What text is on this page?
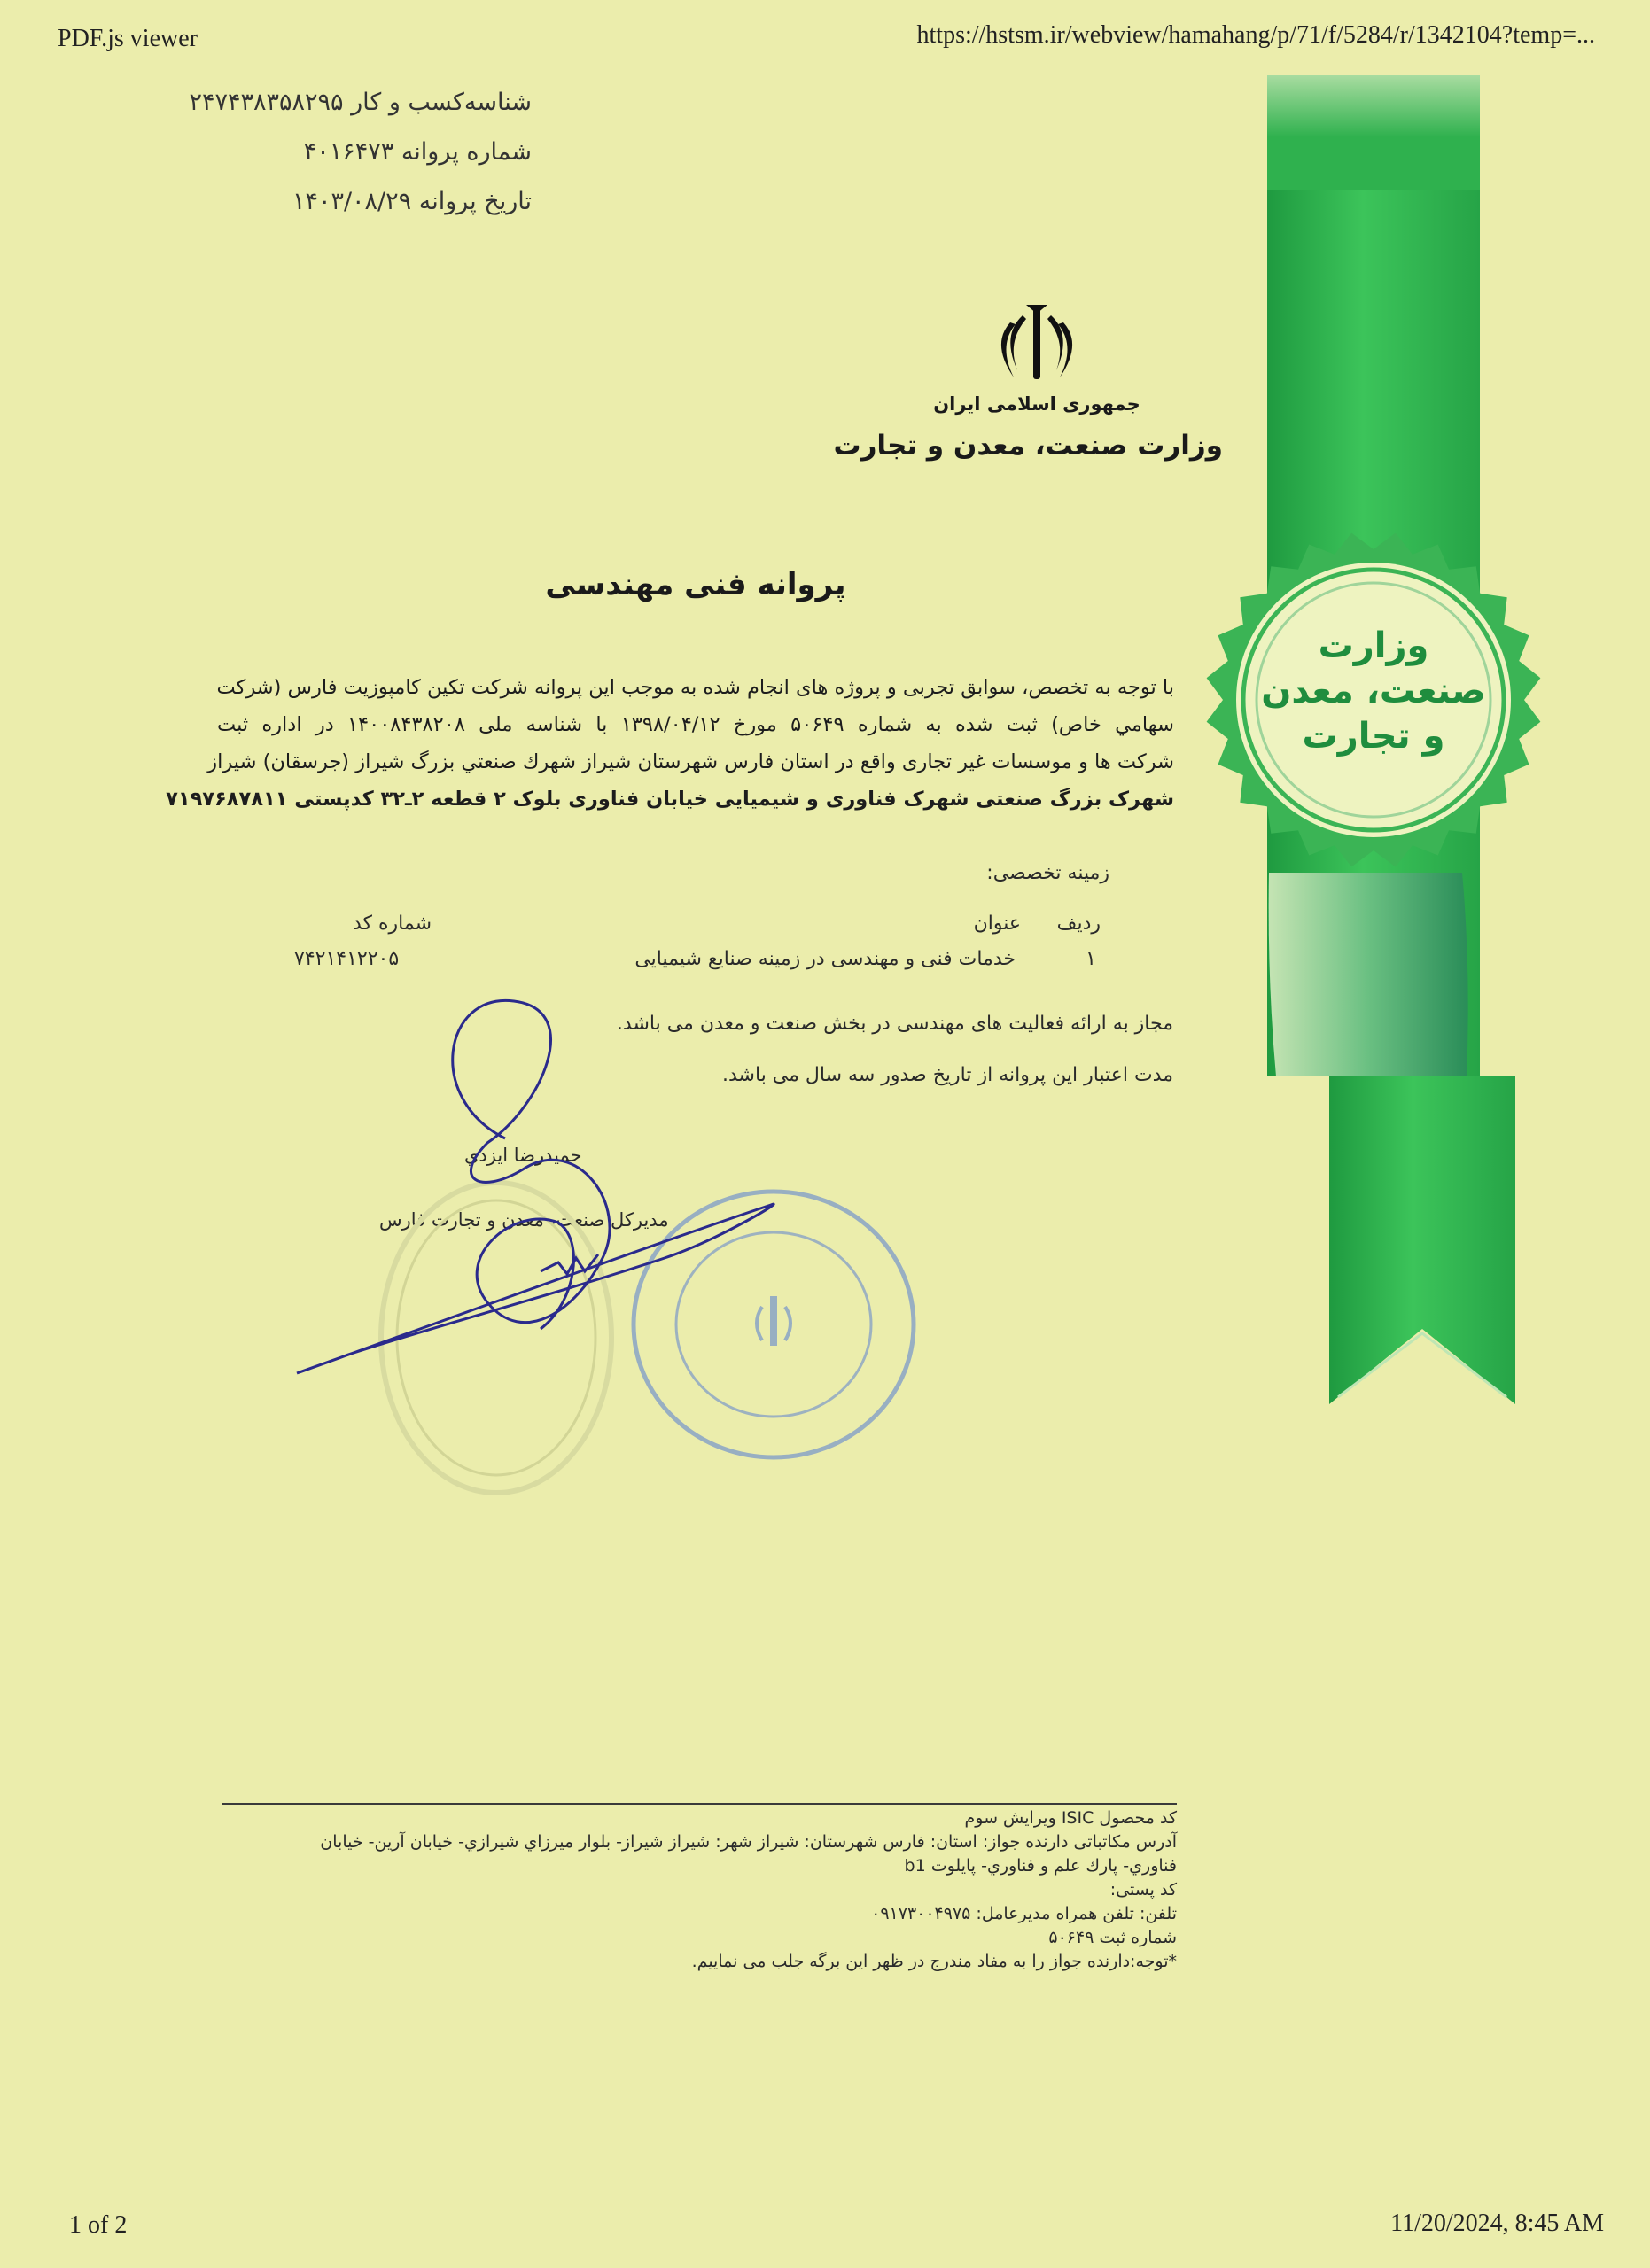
PDF.js viewer	https://hstsm.ir/webview/hamahang/p/71/f/5284/r/1342104?temp=...
1 of 2	11/20/2024, 8:45 AM
شناسه‌کسب و کار ۲۴۷۴۳۸۳۵۸۲۹۵
شماره پروانه ۴۰۱۶۴۷۳
تاریخ پروانه ۱۴۰۳/۰۸/۲۹
وزارت
صنعت، معدن
و تجارت
جمهوری اسلامی ایران
وزارت صنعت، معدن و تجارت
پروانه فنی مهندسی
با توجه به تخصص، سوابق تجربی و پروژه های انجام شده به موجب این پروانه شرکت تکین کامپوزیت فارس (شرکت
سهامي خاص) ثبت شده به شماره ۵۰۶۴۹ مورخ ۱۳۹۸/۰۴/۱۲ با شناسه ملی ۱۴۰۰۸۴۳۸۲۰۸ در اداره ثبت
شرکت ها و موسسات غیر تجاری واقع در استان فارس شهرستان شیراز شهرك صنعتي بزرگ شيراز (جرسقان) شیراز
شهرک بزرگ صنعتی شهرک فناوری و شیمیایی خیابان فناوری بلوک ۲ قطعه ۲ـ۳۲ کدپستی ۷۱۹۷۶۸۷۸۱۱
زمینه تخصصی:
ردیف
عنوان
شماره کد
۱
خدمات فنی و مهندسی در زمینه صنایع شیمیایی
۷۴۲۱۴۱۲۲۰۵
مجاز به ارائه فعالیت های مهندسی در بخش صنعت و معدن می باشد.
مدت اعتبار این پروانه از تاریخ صدور سه سال می باشد.
حمیدرضا ایزدي
مدیرکل صنعت، معدن و تجارت فارس
کد محصول ISIC ویرایش سوم
آدرس مکاتباتی دارنده جواز: استان: فارس شهرستان: شیراز شهر: شیراز شیراز- بلوار میرزاي شیرازي- خیابان آرین- خیابان
فناوري- پارك علم و فناوري- پایلوت b1
کد پستی:
تلفن: تلفن همراه مدیرعامل: ۰۹۱۷۳۰۰۴۹۷۵
شماره ثبت ۵۰۶۴۹
*توجه:دارنده جواز را به مفاد مندرج در ظهر این برگه جلب می نماییم.
